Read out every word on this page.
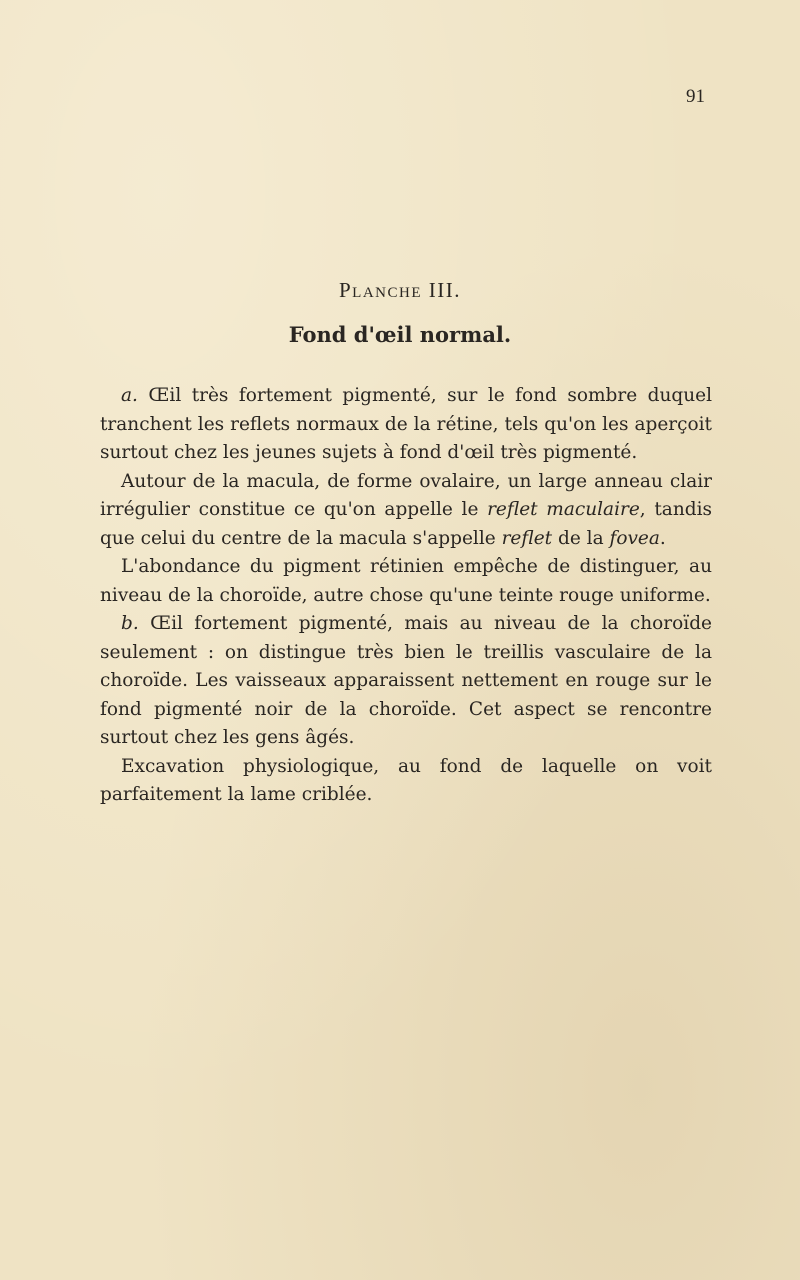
91
Planche III.
Fond d'œil normal.

a. Œil très fortement pigmenté, sur le fond sombre duquel tranchent les reflets normaux de la rétine, tels qu'on les aperçoit surtout chez les jeunes sujets à fond d'œil très pigmenté.

Autour de la macula, de forme ovalaire, un large anneau clair irrégulier constitue ce qu'on appelle le reflet maculaire, tandis que celui du centre de la macula s'appelle reflet de la fovea.

L'abondance du pigment rétinien empêche de distinguer, au niveau de la choroïde, autre chose qu'une teinte rouge uniforme.

b. Œil fortement pigmenté, mais au niveau de la choroïde seulement : on distingue très bien le treillis vasculaire de la choroïde. Les vaisseaux apparaissent nettement en rouge sur le fond pigmenté noir de la choroïde. Cet aspect se rencontre surtout chez les gens âgés.

Excavation physiologique, au fond de laquelle on voit parfaitement la lame criblée.
